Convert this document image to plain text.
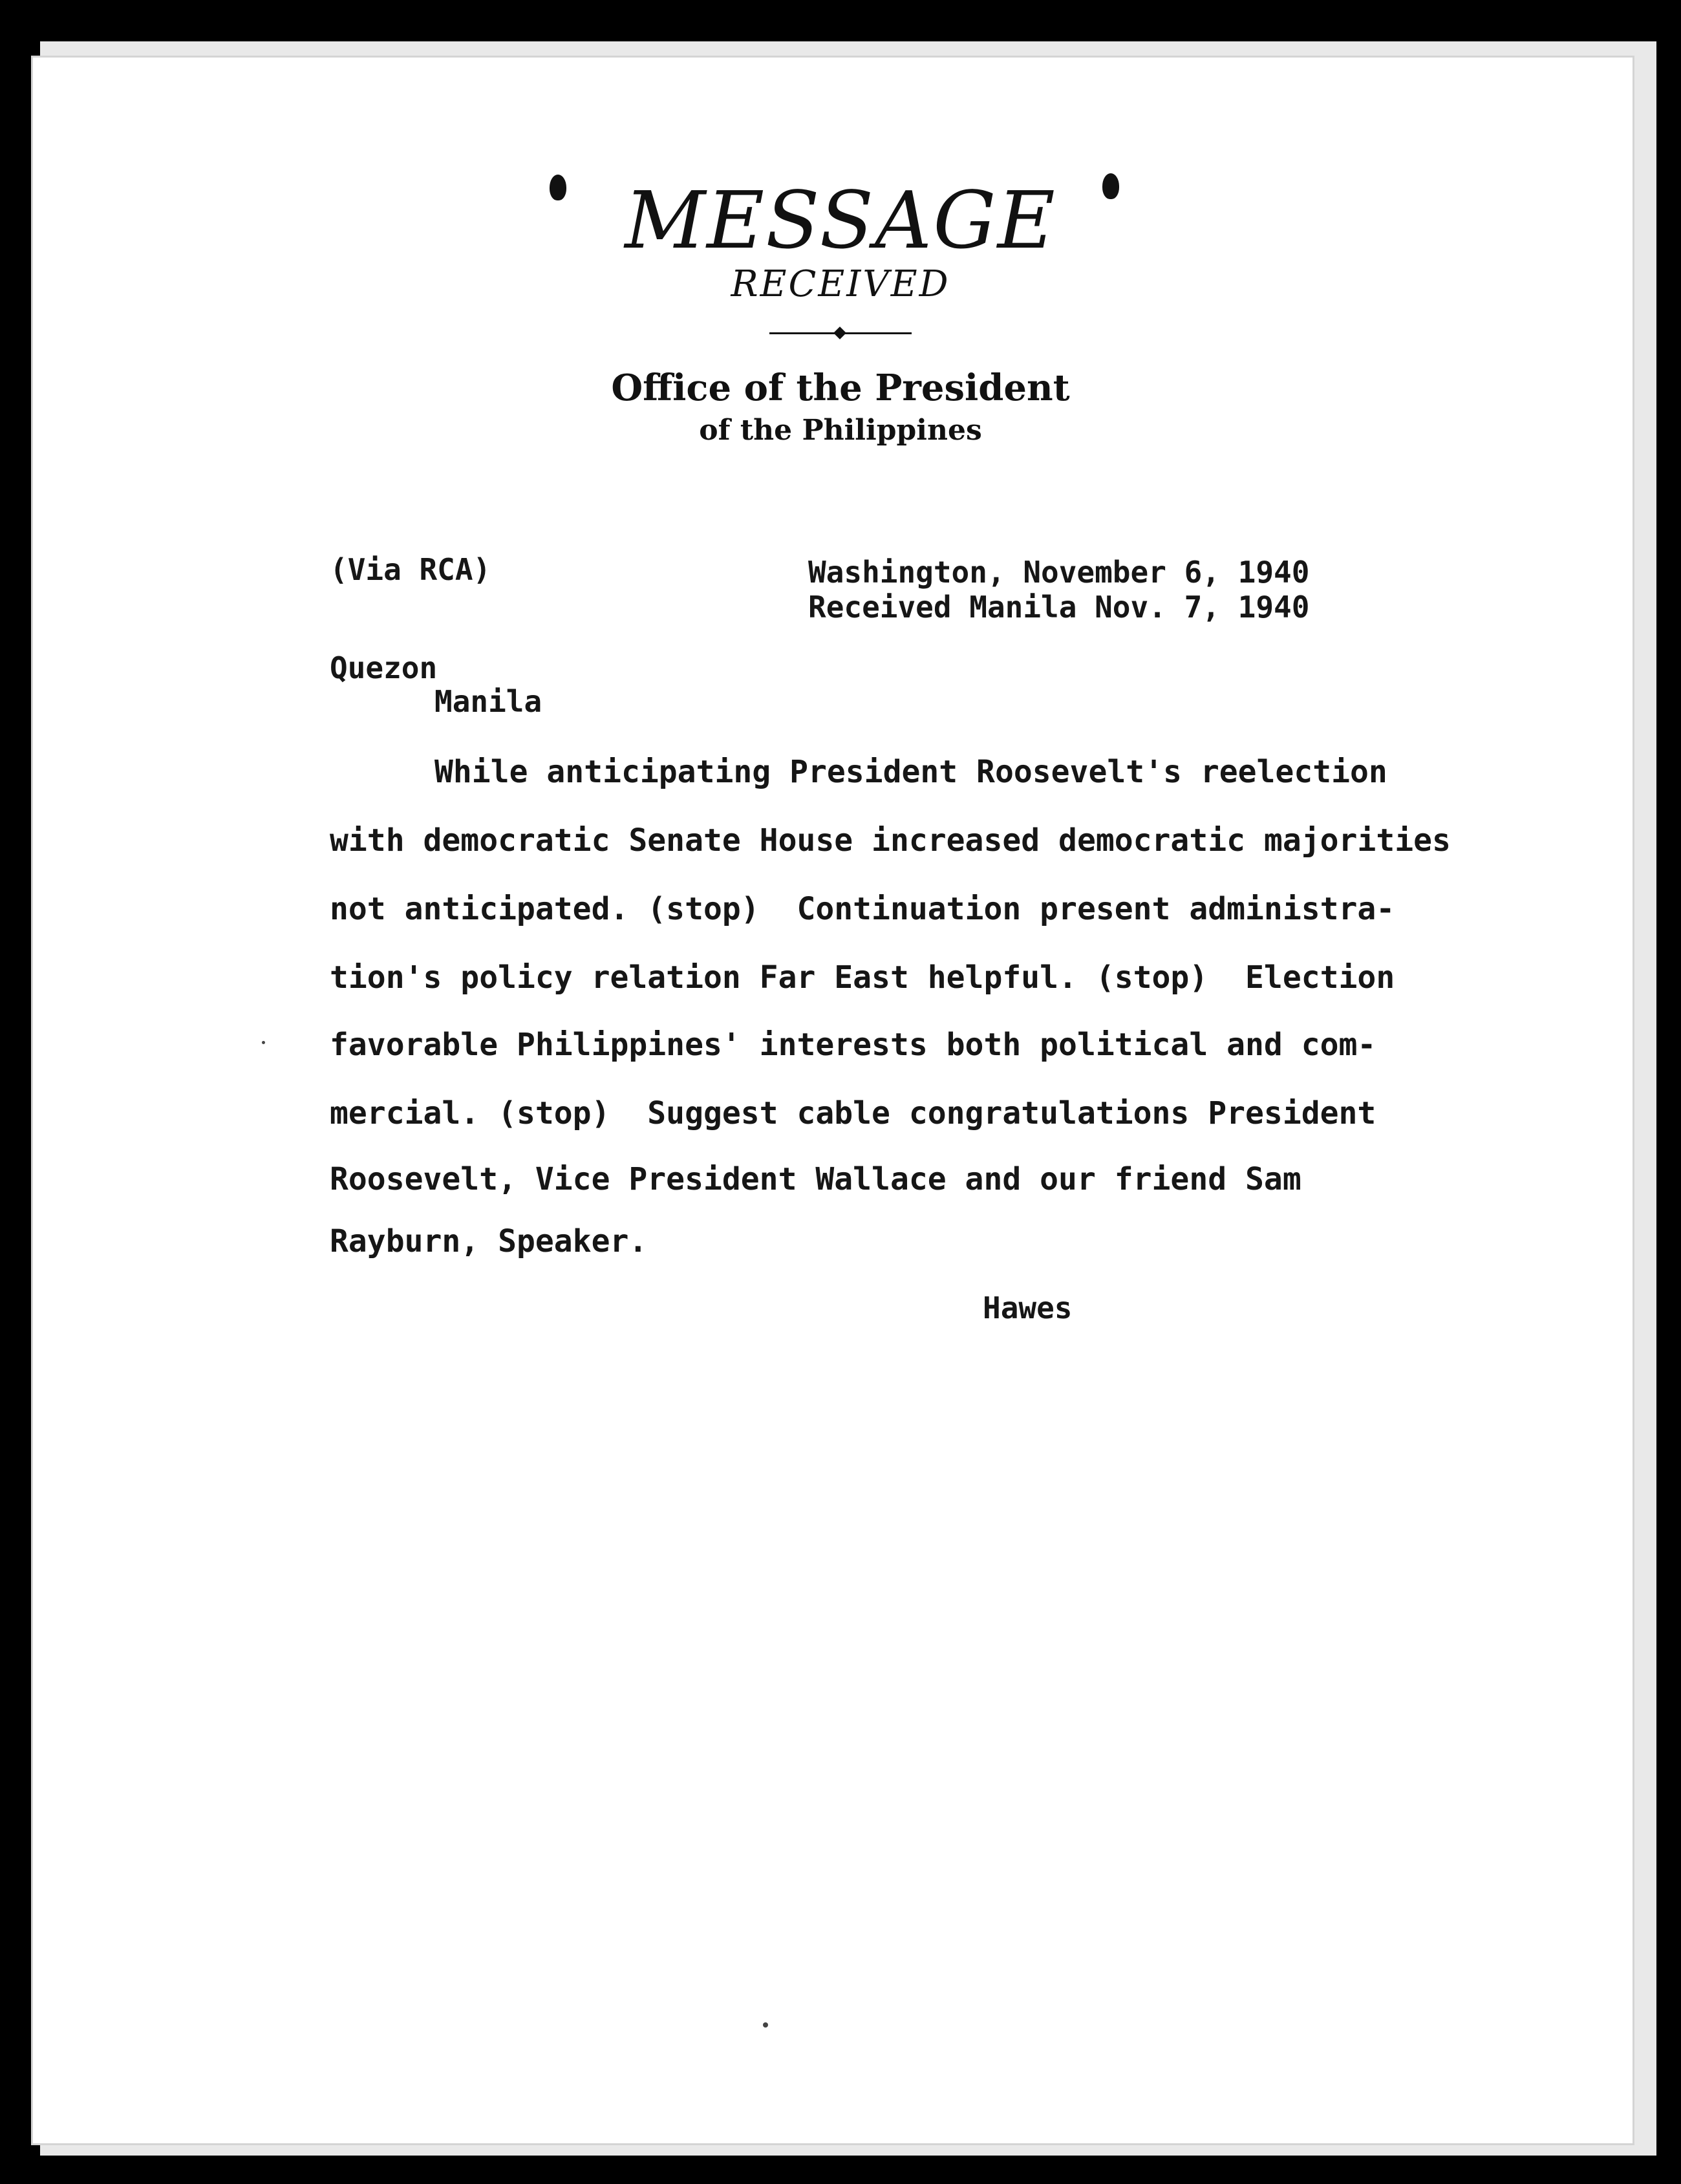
MESSAGE
RECEIVED
Office of the President
of the Philippines
(Via RCA)	Washington, November 6, 1940
Received Manila Nov. 7, 1940

Quezon
Manila
While anticipating President Roosevelt's reelection
with democratic Senate House increased democratic majorities
not anticipated. (stop)  Continuation present administra-
tion's policy relation Far East helpful. (stop)  Election
favorable Philippines' interests both political and com-
mercial. (stop)  Suggest cable congratulations President
Roosevelt, Vice President Wallace and our friend Sam
Rayburn, Speaker.
Hawes
